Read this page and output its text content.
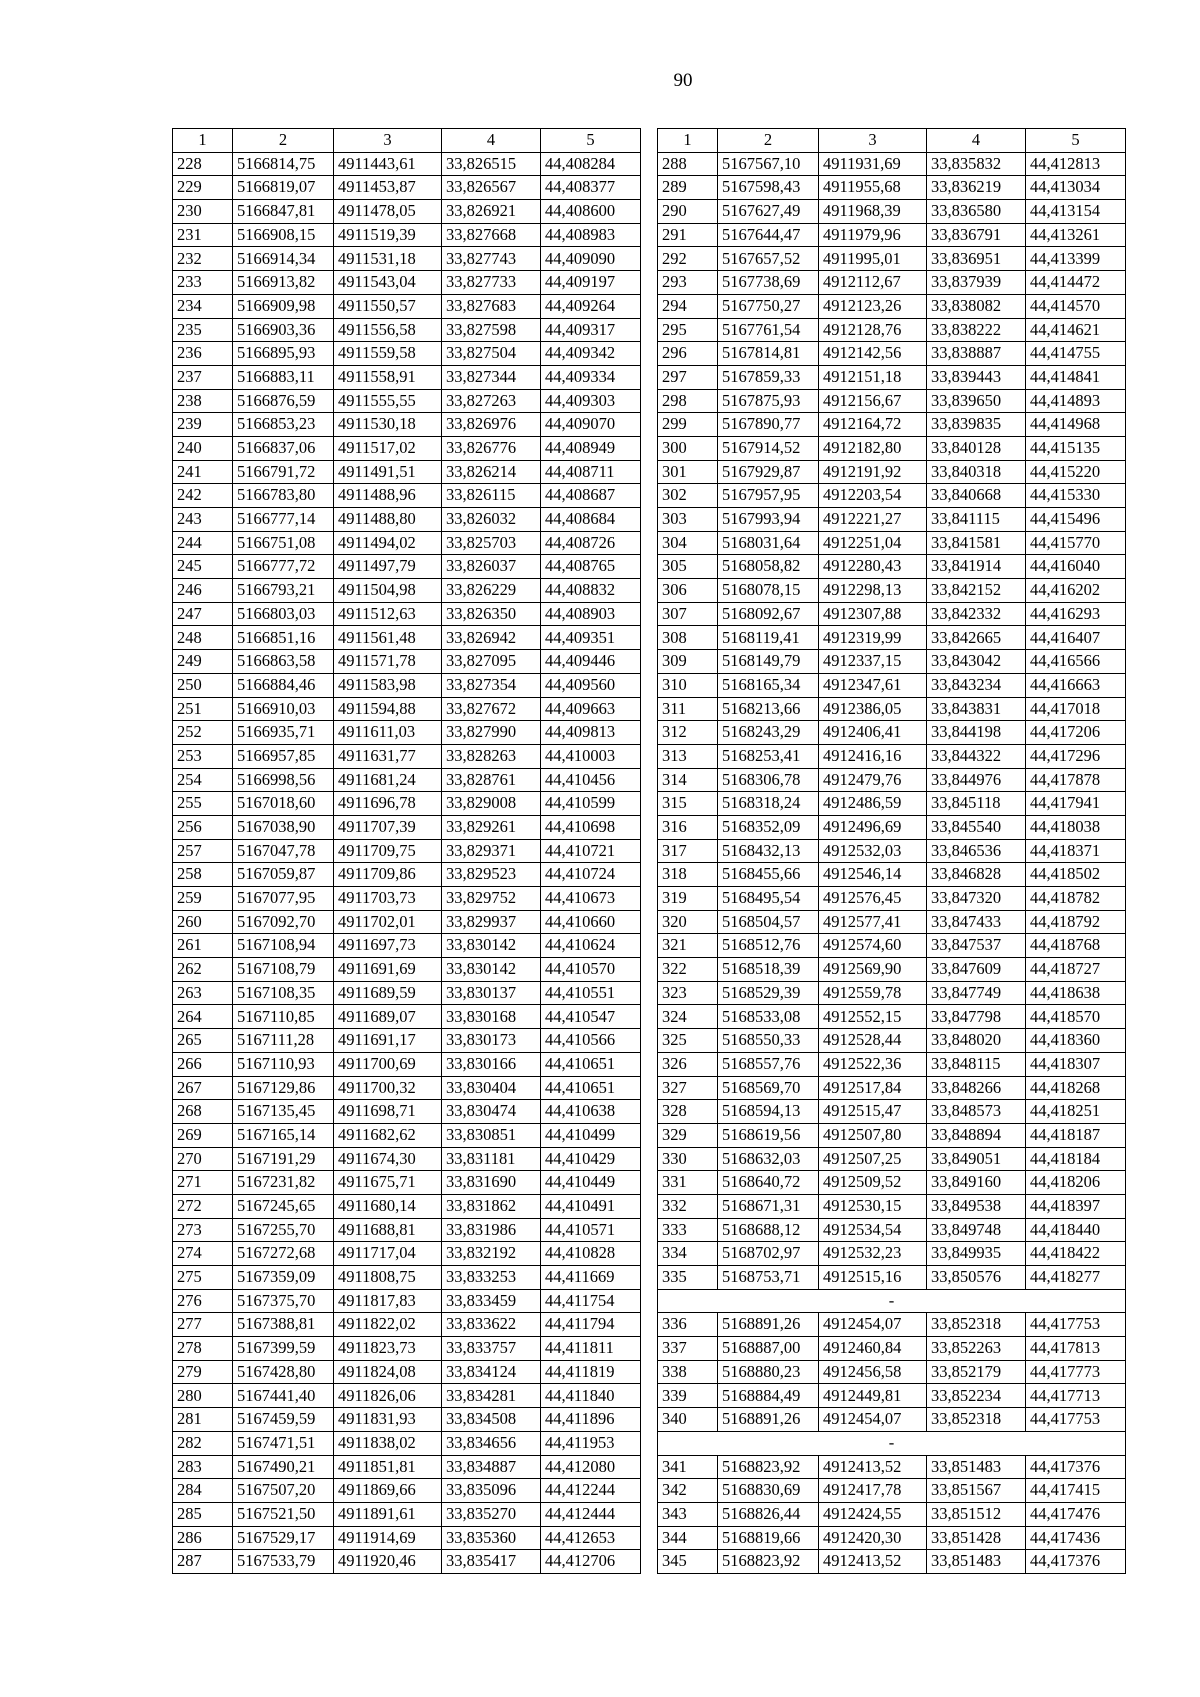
90
1	2	3	4	5
228	5166814,75	4911443,61	33,826515	44,408284
229	5166819,07	4911453,87	33,826567	44,408377
230	5166847,81	4911478,05	33,826921	44,408600
231	5166908,15	4911519,39	33,827668	44,408983
232	5166914,34	4911531,18	33,827743	44,409090
233	5166913,82	4911543,04	33,827733	44,409197
234	5166909,98	4911550,57	33,827683	44,409264
235	5166903,36	4911556,58	33,827598	44,409317
236	5166895,93	4911559,58	33,827504	44,409342
237	5166883,11	4911558,91	33,827344	44,409334
238	5166876,59	4911555,55	33,827263	44,409303
239	5166853,23	4911530,18	33,826976	44,409070
240	5166837,06	4911517,02	33,826776	44,408949
241	5166791,72	4911491,51	33,826214	44,408711
242	5166783,80	4911488,96	33,826115	44,408687
243	5166777,14	4911488,80	33,826032	44,408684
244	5166751,08	4911494,02	33,825703	44,408726
245	5166777,72	4911497,79	33,826037	44,408765
246	5166793,21	4911504,98	33,826229	44,408832
247	5166803,03	4911512,63	33,826350	44,408903
248	5166851,16	4911561,48	33,826942	44,409351
249	5166863,58	4911571,78	33,827095	44,409446
250	5166884,46	4911583,98	33,827354	44,409560
251	5166910,03	4911594,88	33,827672	44,409663
252	5166935,71	4911611,03	33,827990	44,409813
253	5166957,85	4911631,77	33,828263	44,410003
254	5166998,56	4911681,24	33,828761	44,410456
255	5167018,60	4911696,78	33,829008	44,410599
256	5167038,90	4911707,39	33,829261	44,410698
257	5167047,78	4911709,75	33,829371	44,410721
258	5167059,87	4911709,86	33,829523	44,410724
259	5167077,95	4911703,73	33,829752	44,410673
260	5167092,70	4911702,01	33,829937	44,410660
261	5167108,94	4911697,73	33,830142	44,410624
262	5167108,79	4911691,69	33,830142	44,410570
263	5167108,35	4911689,59	33,830137	44,410551
264	5167110,85	4911689,07	33,830168	44,410547
265	5167111,28	4911691,17	33,830173	44,410566
266	5167110,93	4911700,69	33,830166	44,410651
267	5167129,86	4911700,32	33,830404	44,410651
268	5167135,45	4911698,71	33,830474	44,410638
269	5167165,14	4911682,62	33,830851	44,410499
270	5167191,29	4911674,30	33,831181	44,410429
271	5167231,82	4911675,71	33,831690	44,410449
272	5167245,65	4911680,14	33,831862	44,410491
273	5167255,70	4911688,81	33,831986	44,410571
274	5167272,68	4911717,04	33,832192	44,410828
275	5167359,09	4911808,75	33,833253	44,411669
276	5167375,70	4911817,83	33,833459	44,411754
277	5167388,81	4911822,02	33,833622	44,411794
278	5167399,59	4911823,73	33,833757	44,411811
279	5167428,80	4911824,08	33,834124	44,411819
280	5167441,40	4911826,06	33,834281	44,411840
281	5167459,59	4911831,93	33,834508	44,411896
282	5167471,51	4911838,02	33,834656	44,411953
283	5167490,21	4911851,81	33,834887	44,412080
284	5167507,20	4911869,66	33,835096	44,412244
285	5167521,50	4911891,61	33,835270	44,412444
286	5167529,17	4911914,69	33,835360	44,412653
287	5167533,79	4911920,46	33,835417	44,412706
1	2	3	4	5
288	5167567,10	4911931,69	33,835832	44,412813
289	5167598,43	4911955,68	33,836219	44,413034
290	5167627,49	4911968,39	33,836580	44,413154
291	5167644,47	4911979,96	33,836791	44,413261
292	5167657,52	4911995,01	33,836951	44,413399
293	5167738,69	4912112,67	33,837939	44,414472
294	5167750,27	4912123,26	33,838082	44,414570
295	5167761,54	4912128,76	33,838222	44,414621
296	5167814,81	4912142,56	33,838887	44,414755
297	5167859,33	4912151,18	33,839443	44,414841
298	5167875,93	4912156,67	33,839650	44,414893
299	5167890,77	4912164,72	33,839835	44,414968
300	5167914,52	4912182,80	33,840128	44,415135
301	5167929,87	4912191,92	33,840318	44,415220
302	5167957,95	4912203,54	33,840668	44,415330
303	5167993,94	4912221,27	33,841115	44,415496
304	5168031,64	4912251,04	33,841581	44,415770
305	5168058,82	4912280,43	33,841914	44,416040
306	5168078,15	4912298,13	33,842152	44,416202
307	5168092,67	4912307,88	33,842332	44,416293
308	5168119,41	4912319,99	33,842665	44,416407
309	5168149,79	4912337,15	33,843042	44,416566
310	5168165,34	4912347,61	33,843234	44,416663
311	5168213,66	4912386,05	33,843831	44,417018
312	5168243,29	4912406,41	33,844198	44,417206
313	5168253,41	4912416,16	33,844322	44,417296
314	5168306,78	4912479,76	33,844976	44,417878
315	5168318,24	4912486,59	33,845118	44,417941
316	5168352,09	4912496,69	33,845540	44,418038
317	5168432,13	4912532,03	33,846536	44,418371
318	5168455,66	4912546,14	33,846828	44,418502
319	5168495,54	4912576,45	33,847320	44,418782
320	5168504,57	4912577,41	33,847433	44,418792
321	5168512,76	4912574,60	33,847537	44,418768
322	5168518,39	4912569,90	33,847609	44,418727
323	5168529,39	4912559,78	33,847749	44,418638
324	5168533,08	4912552,15	33,847798	44,418570
325	5168550,33	4912528,44	33,848020	44,418360
326	5168557,76	4912522,36	33,848115	44,418307
327	5168569,70	4912517,84	33,848266	44,418268
328	5168594,13	4912515,47	33,848573	44,418251
329	5168619,56	4912507,80	33,848894	44,418187
330	5168632,03	4912507,25	33,849051	44,418184
331	5168640,72	4912509,52	33,849160	44,418206
332	5168671,31	4912530,15	33,849538	44,418397
333	5168688,12	4912534,54	33,849748	44,418440
334	5168702,97	4912532,23	33,849935	44,418422
335	5168753,71	4912515,16	33,850576	44,418277
-				
336	5168891,26	4912454,07	33,852318	44,417753
337	5168887,00	4912460,84	33,852263	44,417813
338	5168880,23	4912456,58	33,852179	44,417773
339	5168884,49	4912449,81	33,852234	44,417713
340	5168891,26	4912454,07	33,852318	44,417753
-				
341	5168823,92	4912413,52	33,851483	44,417376
342	5168830,69	4912417,78	33,851567	44,417415
343	5168826,44	4912424,55	33,851512	44,417476
344	5168819,66	4912420,30	33,851428	44,417436
345	5168823,92	4912413,52	33,851483	44,417376
